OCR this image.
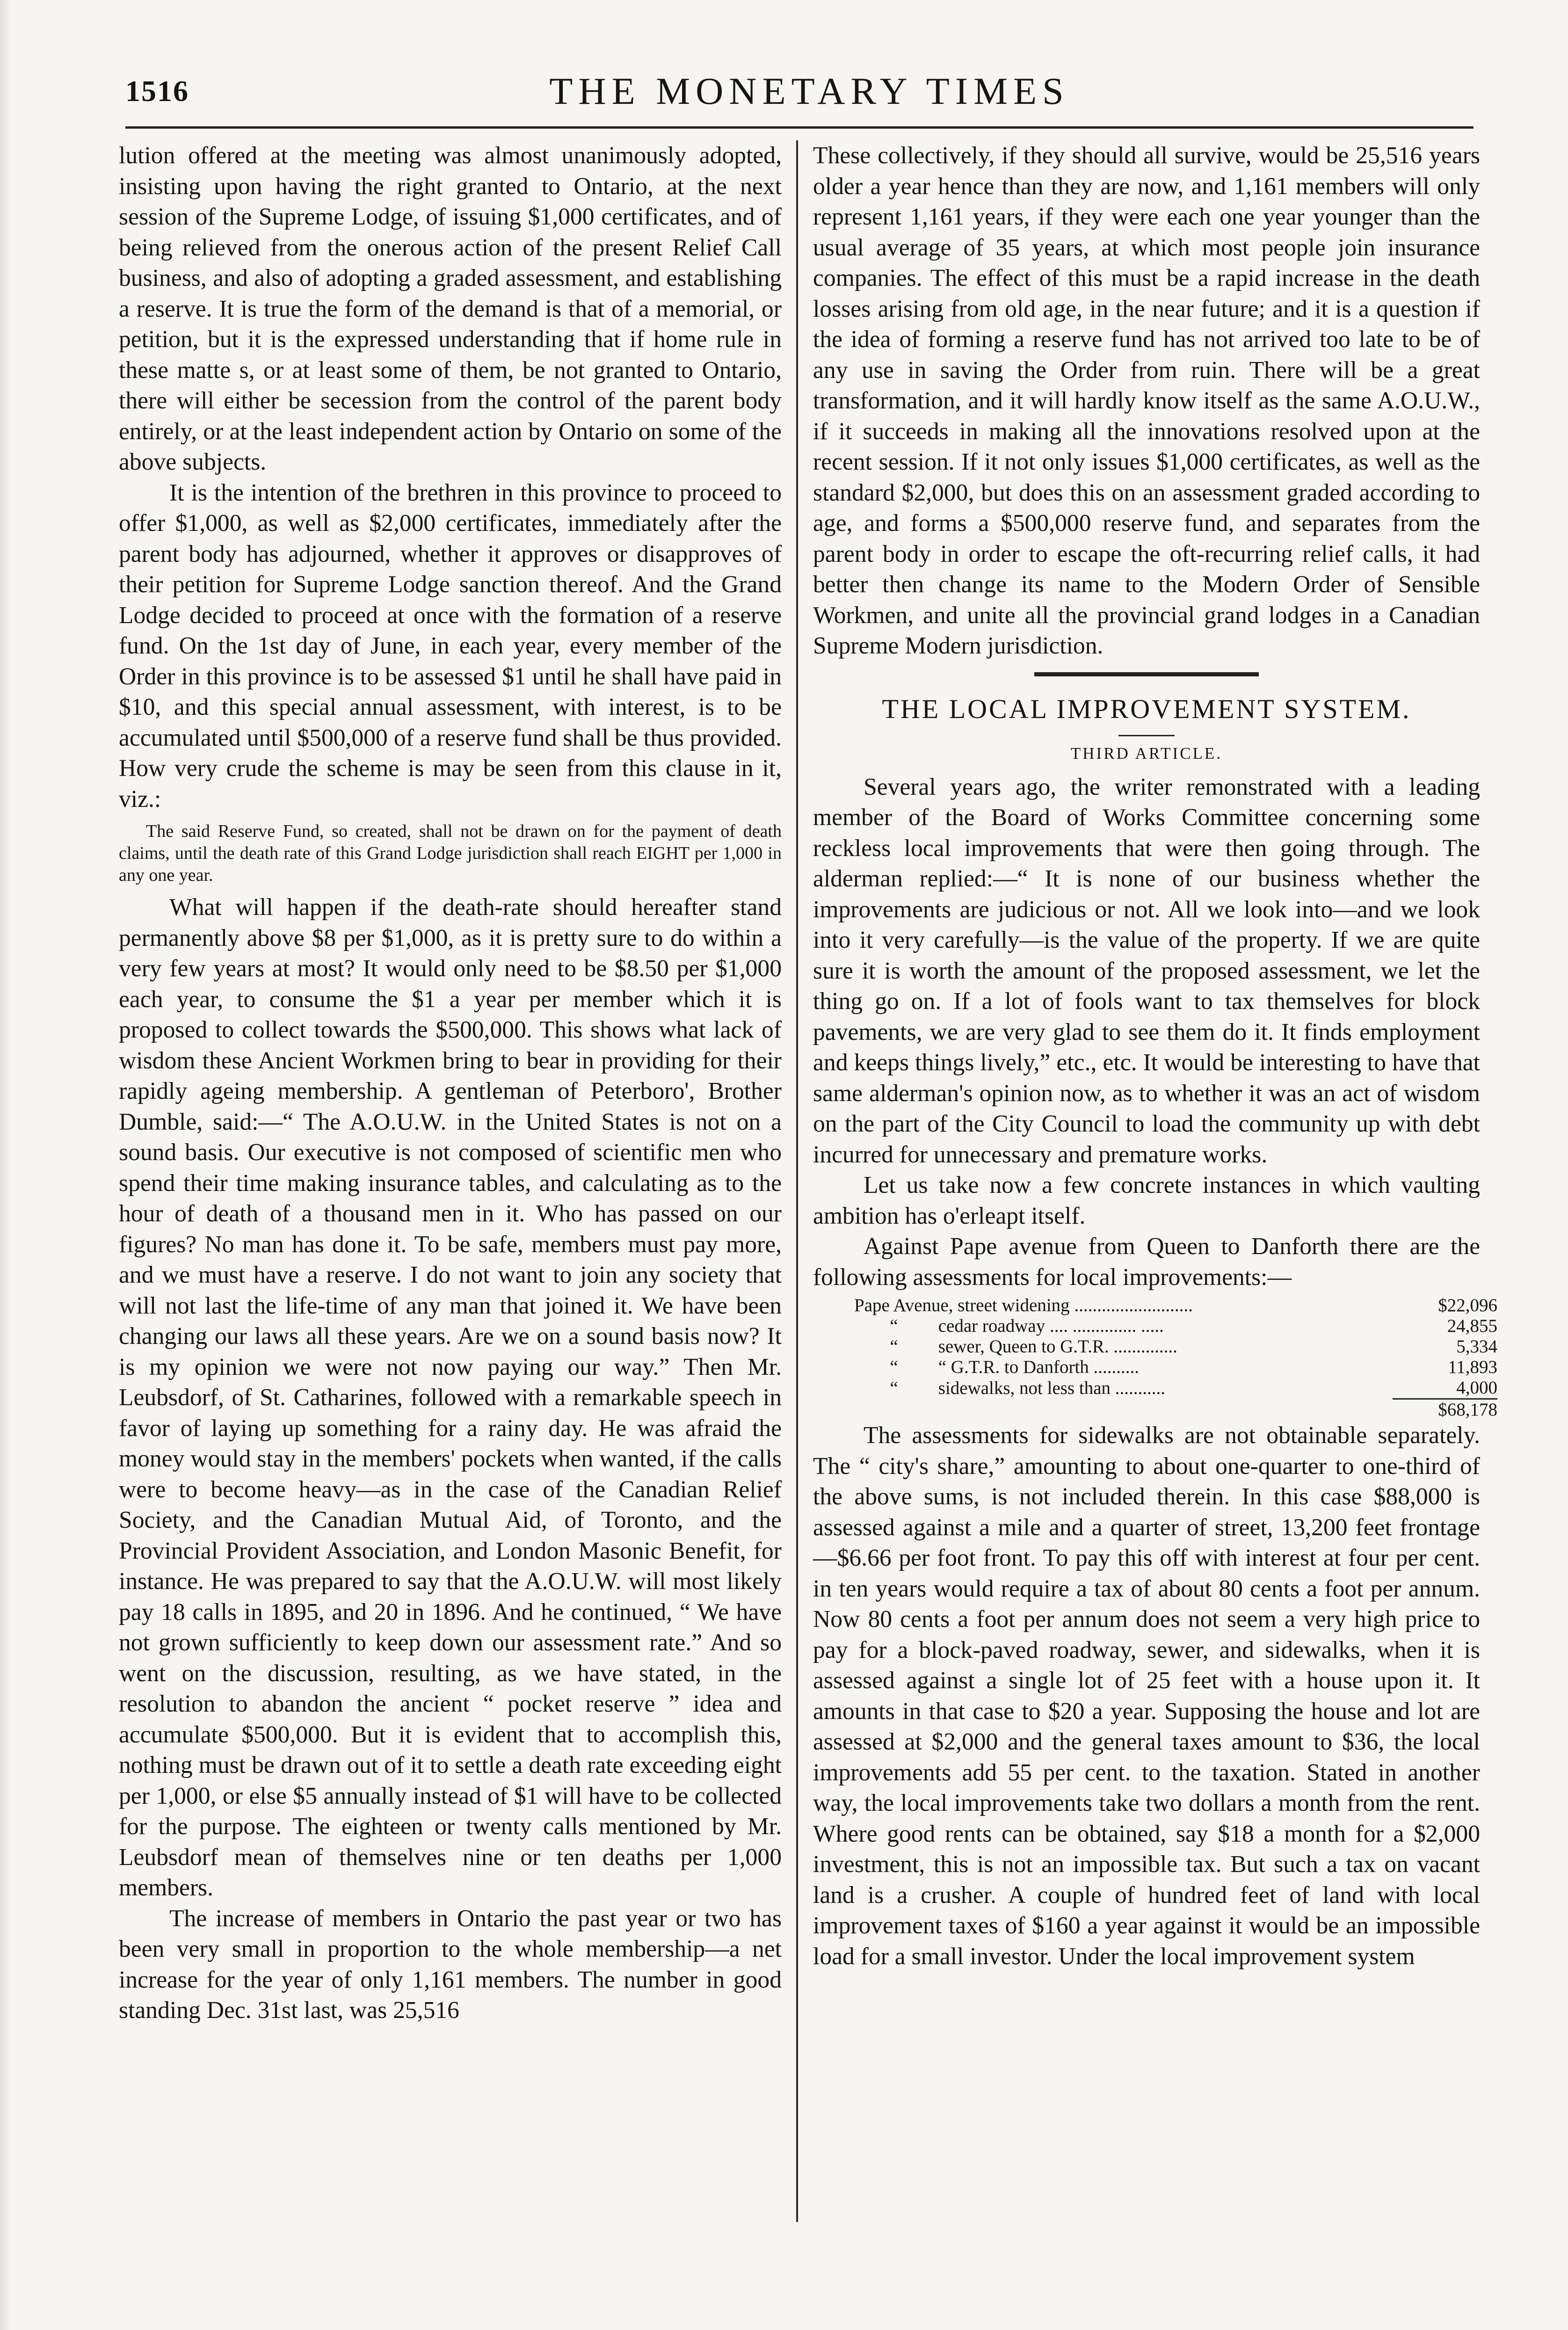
1516	THE MONETARY TIMES

lution offered at the meeting was almost unanimously adopted, insisting upon having the right granted to Ontario, at the next session of the Supreme Lodge, of issuing $1,000 certificates, and of being relieved from the onerous action of the present Relief Call business, and also of adopting a graded assessment, and establishing a reserve. It is true the form of the demand is that of a memorial, or petition, but it is the expressed understanding that if home rule in these matte s, or at least some of them, be not granted to Ontario, there will either be secession from the control of the parent body entirely, or at the least independent action by Ontario on some of the above subjects.

It is the intention of the brethren in this province to proceed to offer $1,000, as well as $2,000 certificates, immediately after the parent body has adjourned, whether it approves or disapproves of their petition for Supreme Lodge sanction thereof. And the Grand Lodge decided to proceed at once with the formation of a reserve fund. On the 1st day of June, in each year, every member of the Order in this province is to be assessed $1 until he shall have paid in $10, and this special annual assessment, with interest, is to be accumulated until $500,000 of a reserve fund shall be thus provided. How very crude the scheme is may be seen from this clause in it, viz.:

The said Reserve Fund, so created, shall not be drawn on for the payment of death claims, until the death rate of this Grand Lodge jurisdiction shall reach EIGHT per 1,000 in any one year.

What will happen if the death-rate should hereafter stand permanently above $8 per $1,000, as it is pretty sure to do within a very few years at most? It would only need to be $8.50 per $1,000 each year, to consume the $1 a year per member which it is proposed to collect towards the $500,000. This shows what lack of wisdom these Ancient Workmen bring to bear in providing for their rapidly ageing membership. A gentleman of Peterboro', Brother Dumble, said:—“ The A.O.U.W. in the United States is not on a sound basis. Our executive is not composed of scientific men who spend their time making insurance tables, and calculating as to the hour of death of a thousand men in it. Who has passed on our figures? No man has done it. To be safe, members must pay more, and we must have a reserve. I do not want to join any society that will not last the life-time of any man that joined it. We have been changing our laws all these years. Are we on a sound basis now? It is my opinion we were not now paying our way.” Then Mr. Leubsdorf, of St. Catharines, followed with a remarkable speech in favor of laying up something for a rainy day. He was afraid the money would stay in the members' pockets when wanted, if the calls were to become heavy—as in the case of the Canadian Relief Society, and the Canadian Mutual Aid, of Toronto, and the Provincial Provident Association, and London Masonic Benefit, for instance. He was prepared to say that the A.O.U.W. will most likely pay 18 calls in 1895, and 20 in 1896. And he continued, “ We have not grown sufficiently to keep down our assessment rate.” And so went on the discussion, resulting, as we have stated, in the resolution to abandon the ancient “ pocket reserve ” idea and accumulate $500,000. But it is evident that to accomplish this, nothing must be drawn out of it to settle a death rate exceeding eight per 1,000, or else $5 annually instead of $1 will have to be collected for the purpose. The eighteen or twenty calls mentioned by Mr. Leubsdorf mean of themselves nine or ten deaths per 1,000 members.

The increase of members in Ontario the past year or two has been very small in proportion to the whole membership—a net increase for the year of only 1,161 members. The number in good standing Dec. 31st last, was 25,516

These collectively, if they should all survive, would be 25,516 years older a year hence than they are now, and 1,161 members will only represent 1,161 years, if they were each one year younger than the usual average of 35 years, at which most people join insurance companies. The effect of this must be a rapid increase in the death losses arising from old age, in the near future; and it is a question if the idea of forming a reserve fund has not arrived too late to be of any use in saving the Order from ruin. There will be a great transformation, and it will hardly know itself as the same A.O.U.W., if it succeeds in making all the innovations resolved upon at the recent session. If it not only issues $1,000 certificates, as well as the standard $2,000, but does this on an assessment graded according to age, and forms a $500,000 reserve fund, and separates from the parent body in order to escape the oft-recurring relief calls, it had better then change its name to the Modern Order of Sensible Workmen, and unite all the provincial grand lodges in a Canadian Supreme Modern jurisdiction.

THE LOCAL IMPROVEMENT SYSTEM.

THIRD ARTICLE.

Several years ago, the writer remonstrated with a leading member of the Board of Works Committee concerning some reckless local improvements that were then going through. The alderman replied:—“ It is none of our business whether the improvements are judicious or not. All we look into—and we look into it very carefully—is the value of the property. If we are quite sure it is worth the amount of the proposed assessment, we let the thing go on. If a lot of fools want to tax themselves for block pavements, we are very glad to see them do it. It finds employment and keeps things lively,” etc., etc. It would be interesting to have that same alderman's opinion now, as to whether it was an act of wisdom on the part of the City Council to load the community up with debt incurred for unnecessary and premature works.

Let us take now a few concrete instances in which vaulting ambition has o'erleapt itself.

Against Pape avenue from Queen to Danforth there are the following assessments for local improvements:—

Pape Avenue, street widening ..........................	$22,096
“ cedar roadway .... .............. .....	24,855
“ sewer, Queen to G.T.R. ..............	5,334
“ “ G.T.R. to Danforth ..........	11,893
“ sidewalks, not less than ...........	4,000
	$68,178

The assessments for sidewalks are not obtainable separately. The “ city's share,” amounting to about one-quarter to one-third of the above sums, is not included therein. In this case $88,000 is assessed against a mile and a quarter of street, 13,200 feet frontage—$6.66 per foot front. To pay this off with interest at four per cent. in ten years would require a tax of about 80 cents a foot per annum. Now 80 cents a foot per annum does not seem a very high price to pay for a block-paved roadway, sewer, and sidewalks, when it is assessed against a single lot of 25 feet with a house upon it. It amounts in that case to $20 a year. Supposing the house and lot are assessed at $2,000 and the general taxes amount to $36, the local improvements add 55 per cent. to the taxation. Stated in another way, the local improvements take two dollars a month from the rent. Where good rents can be obtained, say $18 a month for a $2,000 investment, this is not an impossible tax. But such a tax on vacant land is a crusher. A couple of hundred feet of land with local improvement taxes of $160 a year against it would be an impossible load for a small investor. Under the local improvement system
